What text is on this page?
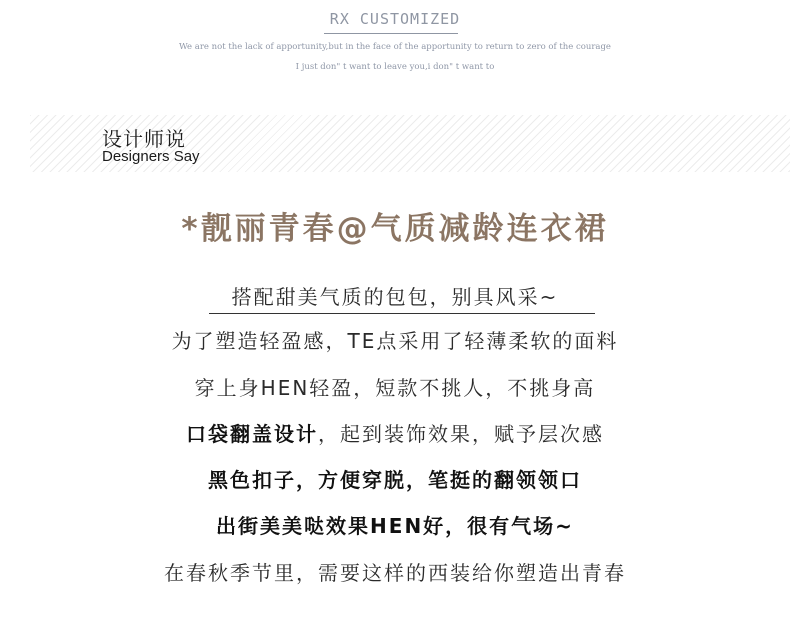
RX CUSTOMIZED
We are not the lack of apportunity,but in the face of the apportunity to return to zero of the courage
I just don" t want to leave you,i don" t want to
设计师说
Designers Say
*靓丽青春@气质减龄连衣裙
搭配甜美气质的包包，别具风采~
为了塑造轻盈感，TE点采用了轻薄柔软的面料
穿上身HEN轻盈，短款不挑人，不挑身高
口袋翻盖设计，起到装饰效果，赋予层次感
黑色扣子，方便穿脱，笔挺的翻领领口
出街美美哒效果HEN好，很有气场~
在春秋季节里，需要这样的西装给你塑造出青春
